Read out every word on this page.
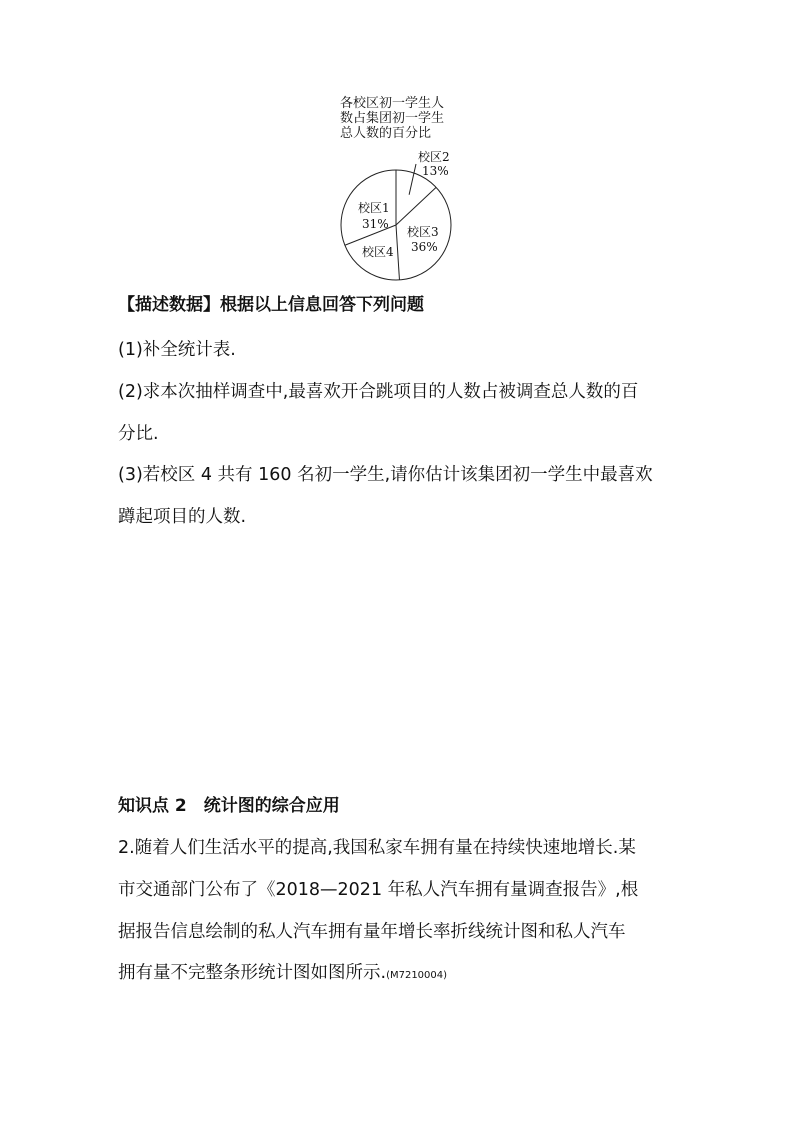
各校区初一学生人
数占集团初一学生
总人数的百分比
校区1
31%
校区2
13%
校区3
36%
校区4
【描述数据】根据以上信息回答下列问题
(1)补全统计表.
(2)求本次抽样调查中,最喜欢开合跳项目的人数占被调查总人数的百
分比.
(3)若校区 4 共有 160 名初一学生,请你估计该集团初一学生中最喜欢
蹲起项目的人数.
知识点 2　统计图的综合应用
2.随着人们生活水平的提高,我国私家车拥有量在持续快速地增长.某
市交通部门公布了《2018—2021 年私人汽车拥有量调查报告》,根
据报告信息绘制的私人汽车拥有量年增长率折线统计图和私人汽车
拥有量不完整条形统计图如图所示.(M7210004)
